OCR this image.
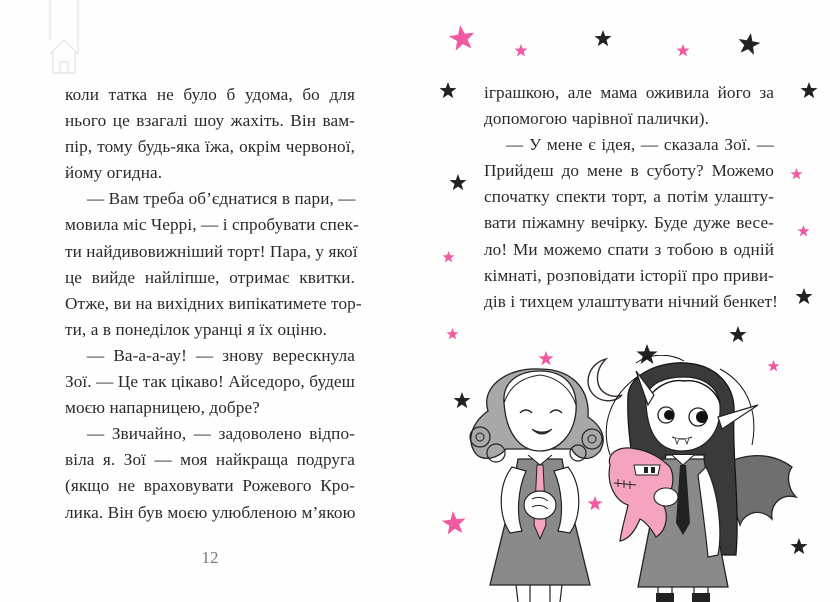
коли татка не було б удома, бо для
нього це взагалі шоу жахіть. Він вам-
пір, тому будь-яка їжа, окрім червоної,
йому огидна.
— Вам треба об’єднатися в пари, —
мовила міс Черрі, — і спробувати спек-
ти найдивовижніший торт! Пара, у якої
це вийде найліпше, отримає квитки.
Отже, ви на вихідних випікатимете тор-
ти, а в понеділок уранці я їх оціню.
— Ва-а-а-ау! — знову верескнула
Зої. — Це так цікаво! Айседоро, будеш
моєю напарницею, добре?
— Звичайно, — задоволено відпо-
віла я. Зої — моя найкраща подруга
(якщо не враховувати Рожевого Кро-
лика. Він був моєю улюбленою м’якою
12
іграшкою, але мама оживила його за
допомогою чарівної палички).
— У мене є ідея, — сказала Зої. —
Прийдеш до мене в суботу? Можемо
спочатку спекти торт, а потім улашту-
вати піжамну вечірку. Буде дуже весе-
ло! Ми можемо спати з тобою в одній
кімнаті, розповідати історії про приви-
дів і тихцем улаштувати нічний бенкет!
